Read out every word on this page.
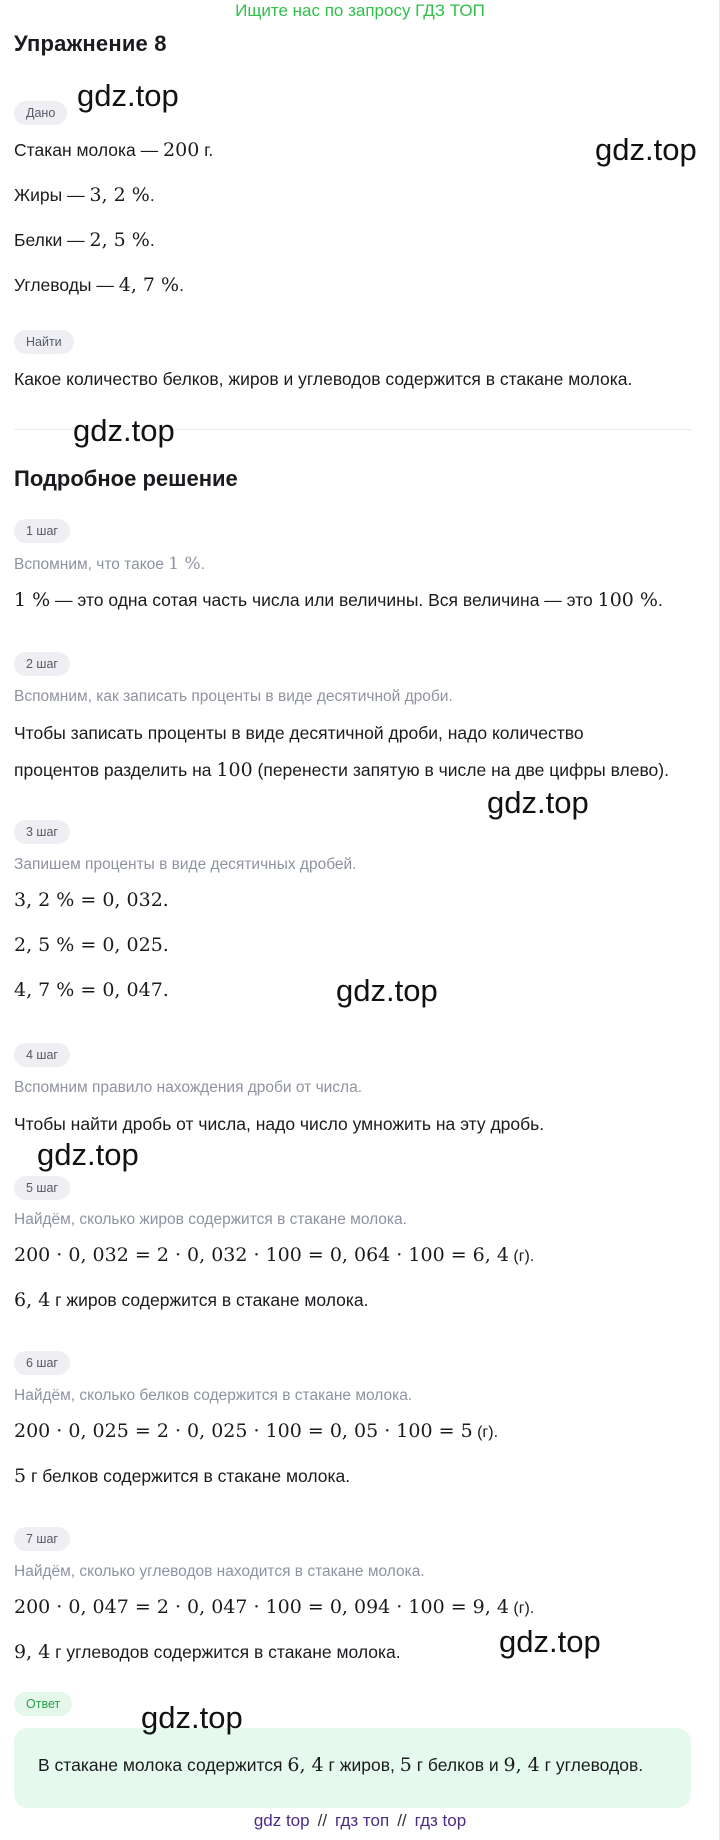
Ищите нас по запросу ГДЗ ТОП
Упражнение 8
Дано
Стакан молока — 200 г.
Жиры — 3, 2 %.
Белки — 2, 5 %.
Углеводы — 4, 7 %.
Найти
Какое количество белков, жиров и углеводов содержится в стакане молока.
Подробное решение
1 шаг
Вспомним, что такое 1 %.
1 % — это одна сотая часть числа или величины. Вся величина — это 100 %.
2 шаг
Вспомним, как записать проценты в виде десятичной дроби.
Чтобы записать проценты в виде десятичной дроби, надо количество
процентов разделить на 100 (перенести запятую в числе на две цифры влево).
3 шаг
Запишем проценты в виде десятичных дробей.
3, 2 % = 0, 032.
2, 5 % = 0, 025.
4, 7 % = 0, 047.
4 шаг
Вспомним правило нахождения дроби от числа.
Чтобы найти дробь от числа, надо число умножить на эту дробь.
5 шаг
Найдём, сколько жиров содержится в стакане молока.
200 · 0, 032 = 2 · 0, 032 · 100 = 0, 064 · 100 = 6, 4 (г).
6, 4 г жиров содержится в стакане молока.
6 шаг
Найдём, сколько белков содержится в стакане молока.
200 · 0, 025 = 2 · 0, 025 · 100 = 0, 05 · 100 = 5 (г).
5 г белков содержится в стакане молока.
7 шаг
Найдём, сколько углеводов находится в стакане молока.
200 · 0, 047 = 2 · 0, 047 · 100 = 0, 094 · 100 = 9, 4 (г).
9, 4 г углеводов содержится в стакане молока.
Ответ
В стакане молока содержится 6, 4 г жиров, 5 г белков и 9, 4 г углеводов.
gdz.top
gdz.top
gdz.top
gdz.top
gdz.top
gdz.top
gdz.top
gdz.top
gdz top // гдз топ // гдз top
